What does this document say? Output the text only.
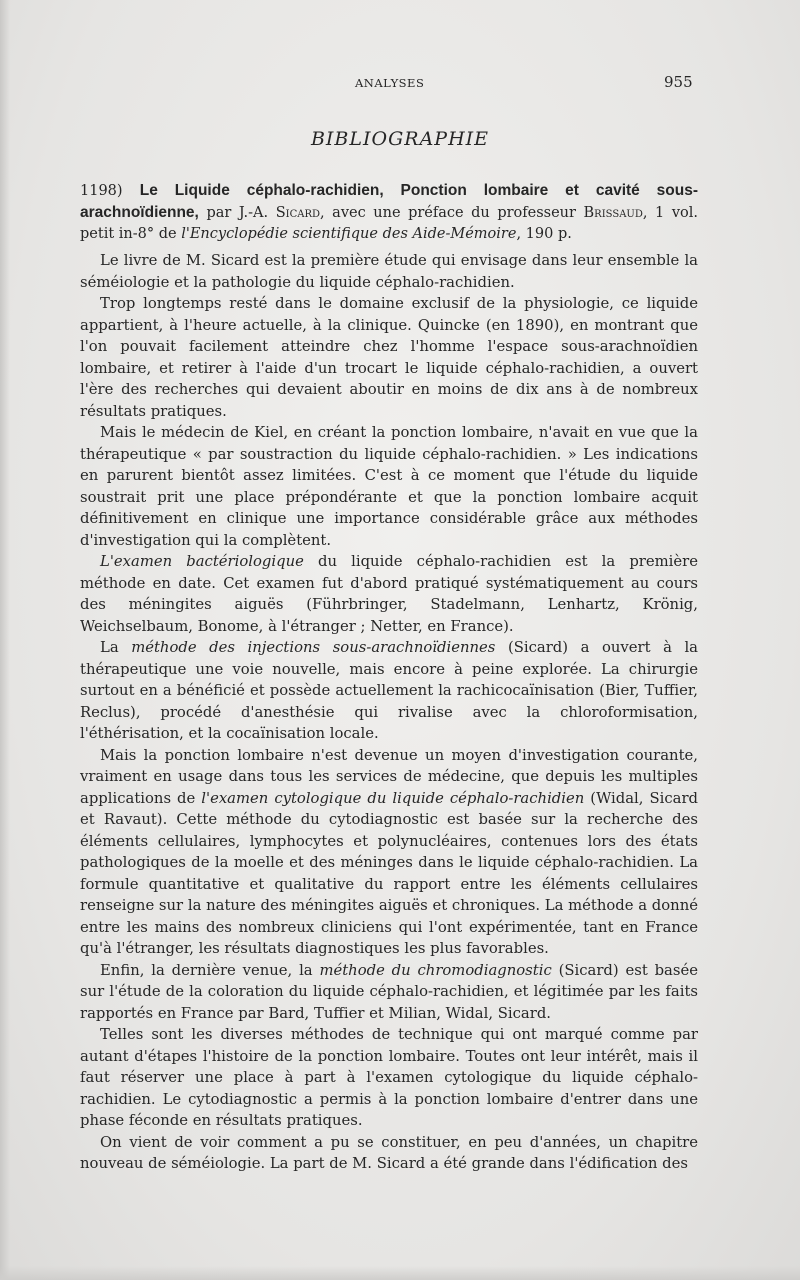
ANALYSES	955
BIBLIOGRAPHIE

1198) Le Liquide céphalo-rachidien, Ponction lombaire et cavité sous-arachnoïdienne, par J.-A. Sicard, avec une préface du professeur Brissaud, 1 vol. petit in-8° de l'Encyclopédie scientifique des Aide-Mémoire, 190 p.

Le livre de M. Sicard est la première étude qui envisage dans leur ensemble la séméiologie et la pathologie du liquide céphalo-rachidien.

Trop longtemps resté dans le domaine exclusif de la physiologie, ce liquide appartient, à l'heure actuelle, à la clinique. Quincke (en 1890), en montrant que l'on pouvait facilement atteindre chez l'homme l'espace sous-arachnoïdien lombaire, et retirer à l'aide d'un trocart le liquide céphalo-rachidien, a ouvert l'ère des recherches qui devaient aboutir en moins de dix ans à de nombreux résultats pratiques.

Mais le médecin de Kiel, en créant la ponction lombaire, n'avait en vue que la thérapeutique « par soustraction du liquide céphalo-rachidien. » Les indications en parurent bientôt assez limitées. C'est à ce moment que l'étude du liquide soustrait prit une place prépondérante et que la ponction lombaire acquit définitivement en clinique une importance considérable grâce aux méthodes d'investigation qui la complètent.

L'examen bactériologique du liquide céphalo-rachidien est la première méthode en date. Cet examen fut d'abord pratiqué systématiquement au cours des méningites aiguës (Führbringer, Stadelmann, Lenhartz, Krönig, Weichselbaum, Bonome, à l'étranger ; Netter, en France).

La méthode des injections sous-arachnoïdiennes (Sicard) a ouvert à la thérapeutique une voie nouvelle, mais encore à peine explorée. La chirurgie surtout en a bénéficié et possède actuellement la rachicocaïnisation (Bier, Tuffier, Reclus), procédé d'anesthésie qui rivalise avec la chloroformisation, l'éthérisation, et la cocaïnisation locale.

Mais la ponction lombaire n'est devenue un moyen d'investigation courante, vraiment en usage dans tous les services de médecine, que depuis les multiples applications de l'examen cytologique du liquide céphalo-rachidien (Widal, Sicard et Ravaut). Cette méthode du cytodiagnostic est basée sur la recherche des éléments cellulaires, lymphocytes et polynucléaires, contenues lors des états pathologiques de la moelle et des méninges dans le liquide céphalo-rachidien. La formule quantitative et qualitative du rapport entre les éléments cellulaires renseigne sur la nature des méningites aiguës et chroniques. La méthode a donné entre les mains des nombreux cliniciens qui l'ont expérimentée, tant en France qu'à l'étranger, les résultats diagnostiques les plus favorables.

Enfin, la dernière venue, la méthode du chromodiagnostic (Sicard) est basée sur l'étude de la coloration du liquide céphalo-rachidien, et légitimée par les faits rapportés en France par Bard, Tuffier et Milian, Widal, Sicard.

Telles sont les diverses méthodes de technique qui ont marqué comme par autant d'étapes l'histoire de la ponction lombaire. Toutes ont leur intérêt, mais il faut réserver une place à part à l'examen cytologique du liquide céphalo-rachidien. Le cytodiagnostic a permis à la ponction lombaire d'entrer dans une phase féconde en résultats pratiques.

On vient de voir comment a pu se constituer, en peu d'années, un chapitre nouveau de séméiologie. La part de M. Sicard a été grande dans l'édification des
